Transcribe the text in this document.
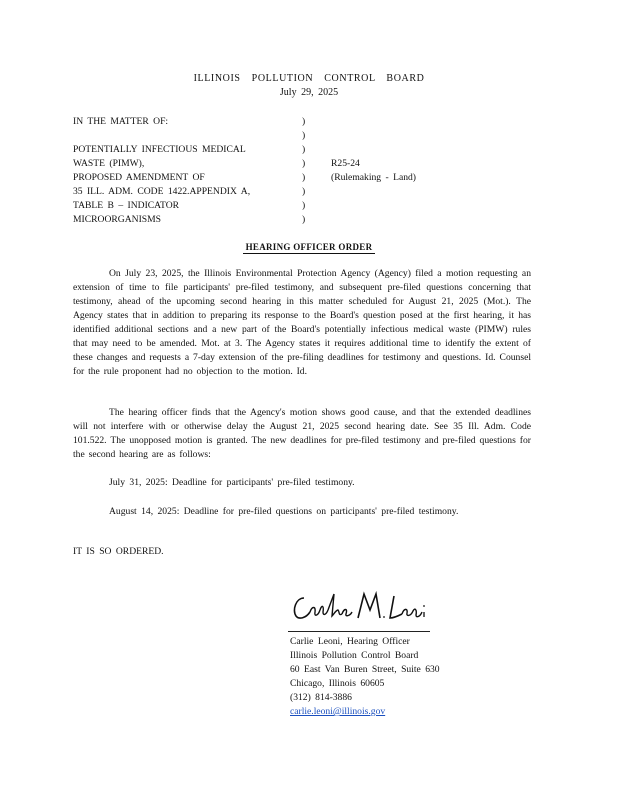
ILLINOIS POLLUTION CONTROL BOARD
July 29, 2025
IN THE MATTER OF:
POTENTIALLY INFECTIOUS MEDICAL
WASTE (PIMW),
PROPOSED AMENDMENT OF
35 ILL. ADM. CODE 1422.APPENDIX A,
TABLE B – INDICATOR
MICROORGANISMS
)
)
)
)
)
)
)
)
R25-24
(Rulemaking - Land)
HEARING OFFICER ORDER
On July 23, 2025, the Illinois Environmental Protection Agency (Agency) filed a motion requesting an extension of time to file participants' pre-filed testimony, and subsequent pre-filed questions concerning that testimony, ahead of the upcoming second hearing in this matter scheduled for August 21, 2025 (Mot.). The Agency states that in addition to preparing its response to the Board's question posed at the first hearing, it has identified additional sections and a new part of the Board's potentially infectious medical waste (PIMW) rules that may need to be amended. Mot. at 3. The Agency states it requires additional time to identify the extent of these changes and requests a 7-day extension of the pre-filing deadlines for testimony and questions. Id. Counsel for the rule proponent had no objection to the motion. Id.
The hearing officer finds that the Agency's motion shows good cause, and that the extended deadlines will not interfere with or otherwise delay the August 21, 2025 second hearing date. See 35 Ill. Adm. Code 101.522. The unopposed motion is granted. The new deadlines for pre-filed testimony and pre-filed questions for the second hearing are as follows:
July 31, 2025: Deadline for participants' pre-filed testimony.
August 14, 2025: Deadline for pre-filed questions on participants' pre-filed testimony.
IT IS SO ORDERED.
Carlie Leoni, Hearing Officer
Illinois Pollution Control Board
60 East Van Buren Street, Suite 630
Chicago, Illinois 60605
(312) 814-3886
carlie.leoni@illinois.gov
